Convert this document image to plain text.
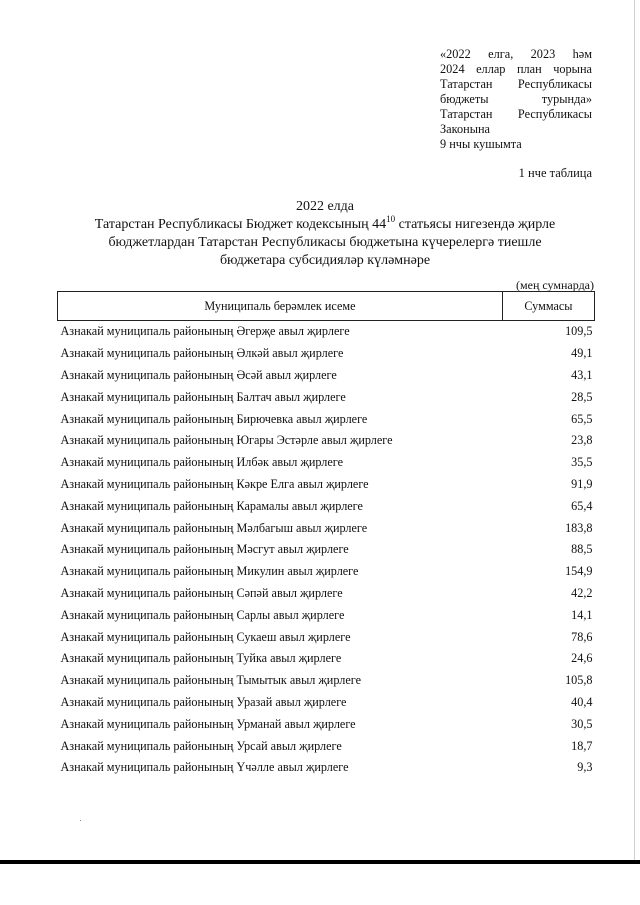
«2022 елга, 2023 һәм
2024 еллар план чорына
Татарстан Республикасы
бюджеты	турында»
Татарстан Республикасы
Законына
9 нчы кушымта
1 нче таблица
2022 елда
Татарстан Республикасы Бюджет кодексының $44^{10}$ статьясы нигезендә җирле
бюджетлардан Татарстан Республикасы бюджетына күчерелергә тиешле
бюджетара субсидияләр күләмнәре
(мең сумнарда)
Муниципаль берәмлек исеме	Суммасы
Азнакай муниципаль районының Әгерҗе авыл җирлеге	109,5
Азнакай муниципаль районының Әлкәй авыл җирлеге	49,1
Азнакай муниципаль районының Әсәй авыл җирлеге	43,1
Азнакай муниципаль районының Балтач авыл җирлеге	28,5
Азнакай муниципаль районының Бирючевка авыл җирлеге	65,5
Азнакай муниципаль районының Югары Эстәрле авыл җирлеге	23,8
Азнакай муниципаль районының Илбәк авыл җирлеге	35,5
Азнакай муниципаль районының Кәкре Елга авыл җирлеге	91,9
Азнакай муниципаль районының Карамалы авыл җирлеге	65,4
Азнакай муниципаль районының Мәлбагыш авыл җирлеге	183,8
Азнакай муниципаль районының Мәсгут авыл җирлеге	88,5
Азнакай муниципаль районының Микулин авыл җирлеге	154,9
Азнакай муниципаль районының Сәпәй авыл җирлеге	42,2
Азнакай муниципаль районының Сарлы авыл җирлеге	14,1
Азнакай муниципаль районының Сукаеш авыл җирлеге	78,6
Азнакай муниципаль районының Туйка авыл җирлеге	24,6
Азнакай муниципаль районының Тымытык авыл җирлеге	105,8
Азнакай муниципаль районының Уразай авыл җирлеге	40,4
Азнакай муниципаль районының Урманай авыл җирлеге	30,5
Азнакай муниципаль районының Урсай авыл җирлеге	18,7
Азнакай муниципаль районының Үчәлле авыл җирлеге	9,3
